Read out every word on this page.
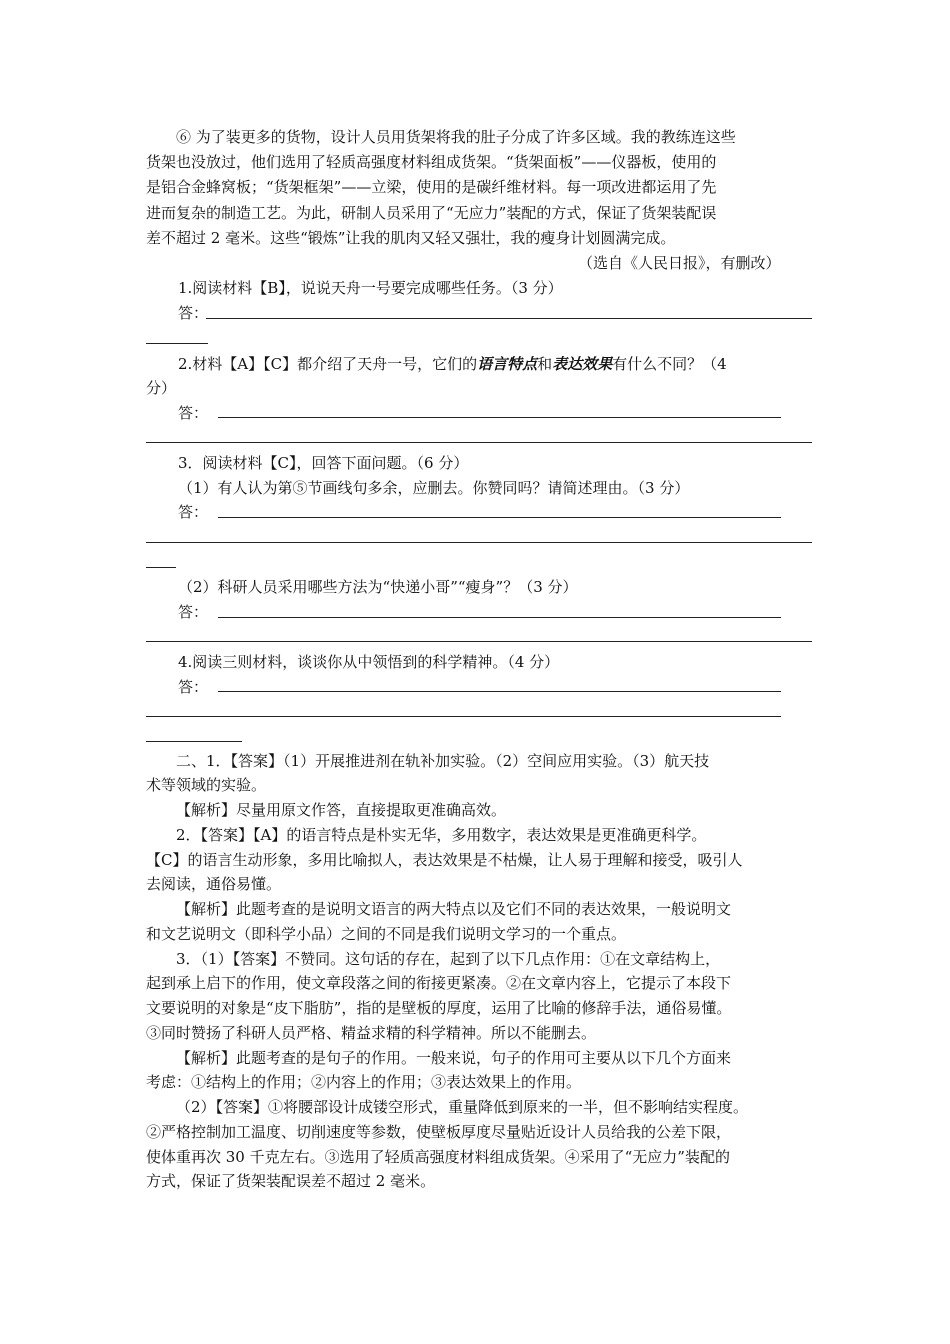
⑥ 为了装更多的货物，设计人员用货架将我的肚子分成了许多区域。我的教练连这些
货架也没放过，他们选用了轻质高强度材料组成货架。“货架面板”——仪器板，使用的
是铝合金蜂窝板；“货架框架”——立梁，使用的是碳纤维材料。每一项改进都运用了先
进而复杂的制造工艺。为此，研制人员采用了“无应力”装配的方式，保证了货架装配误
差不超过 2 毫米。这些“锻炼”让我的肌肉又轻又强壮，我的瘦身计划圆满完成。
（选自《人民日报》，有删改）
1.阅读材料【B】，说说天舟一号要完成哪些任务。（3 分）
答：
2.材料【A】【C】都介绍了天舟一号，它们的语言特点和表达效果有什么不同？（4
分）
答：
3．阅读材料【C】，回答下面问题。（6 分）
（1）有人认为第⑤节画线句多余，应删去。你赞同吗？请简述理由。（3 分）
答：
（2）科研人员采用哪些方法为“快递小哥”“瘦身”？（3 分）
答：
4.阅读三则材料，谈谈你从中领悟到的科学精神。（4 分）
答：
二、1．【答案】（1）开展推进剂在轨补加实验。（2）空间应用实验。（3）航天技
术等领域的实验。
【解析】尽量用原文作答，直接提取更准确高效。
2．【答案】【A】的语言特点是朴实无华，多用数字，表达效果是更准确更科学。
【C】的语言生动形象，多用比喻拟人，表达效果是不枯燥，让人易于理解和接受，吸引人
去阅读，通俗易懂。
【解析】此题考查的是说明文语言的两大特点以及它们不同的表达效果，一般说明文
和文艺说明文（即科学小品）之间的不同是我们说明文学习的一个重点。
3．（1）【答案】不赞同。这句话的存在，起到了以下几点作用：①在文章结构上，
起到承上启下的作用，使文章段落之间的衔接更紧凑。②在文章内容上，它提示了本段下
文要说明的对象是“皮下脂肪”，指的是壁板的厚度，运用了比喻的修辞手法，通俗易懂。
③同时赞扬了科研人员严格、精益求精的科学精神。所以不能删去。
【解析】此题考查的是句子的作用。一般来说，句子的作用可主要从以下几个方面来
考虑：①结构上的作用；②内容上的作用；③表达效果上的作用。
（2）【答案】①将腰部设计成镂空形式，重量降低到原来的一半，但不影响结实程度。
②严格控制加工温度、切削速度等参数，使壁板厚度尽量贴近设计人员给我的公差下限，
使体重再次 30 千克左右。③选用了轻质高强度材料组成货架。④采用了“无应力”装配的
方式，保证了货架装配误差不超过 2 毫米。
